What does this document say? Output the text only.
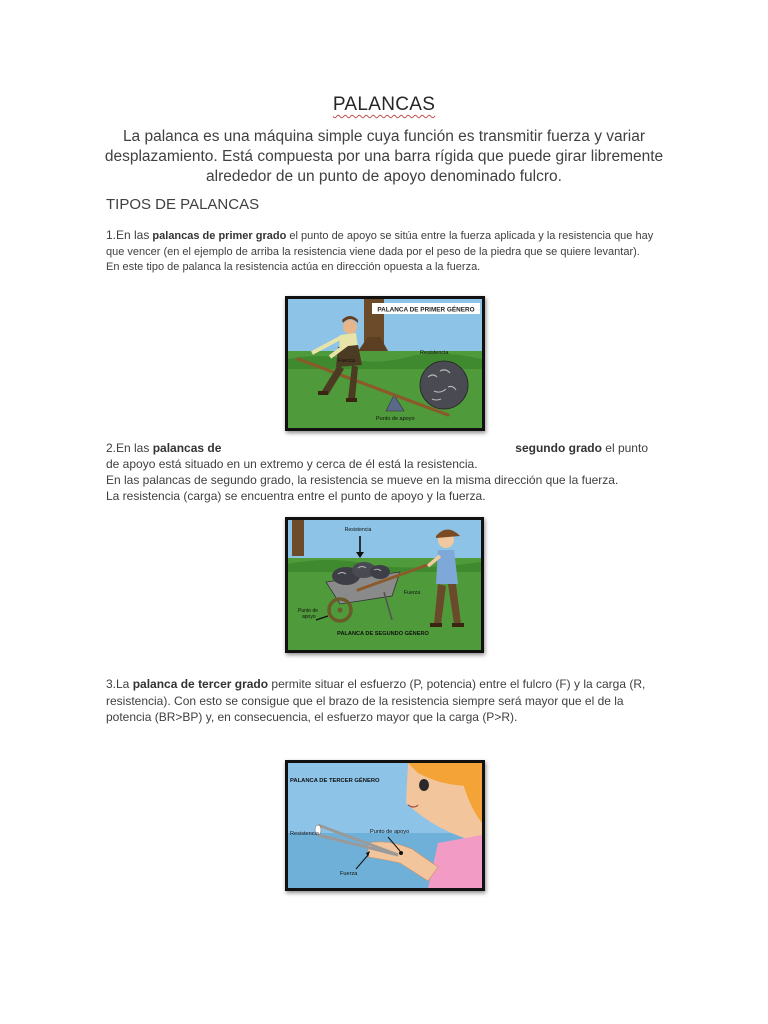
PALANCAS
La palanca es una máquina simple cuya función es transmitir fuerza y variar desplazamiento. Está compuesta por una barra rígida que puede girar libremente alrededor de un punto de apoyo denominado fulcro.
TIPOS DE PALANCAS
1.En las palancas de primer grado el punto de apoyo se sitúa entre la fuerza aplicada y la resistencia que hay que vencer (en el ejemplo de arriba la resistencia viene dada por el peso de la piedra que se quiere levantar).
En este tipo de palanca la resistencia actúa en dirección opuesta a la fuerza.
PALANCA DE PRIMER GÉNERO
Fuerza
Resistencia
Punto de apoyo
2.En las palancas de	segundo grado el punto
de apoyo está situado en un extremo y cerca de él está la resistencia.
En las palancas de segundo grado, la resistencia se mueve en la misma dirección que la fuerza.
La resistencia (carga) se encuentra entre el punto de apoyo y la fuerza.
Resistencia
Fuerza
Punto de
apoyo
PALANCA DE SEGUNDO GÉNERO
3.La palanca de tercer grado permite situar el esfuerzo (P, potencia) entre el fulcro (F) y la carga (R, resistencia). Con esto se consigue que el brazo de la resistencia siempre será mayor que el de la potencia (BR>BP) y, en consecuencia, el esfuerzo mayor que la carga (P>R).
PALANCA DE TERCER GÉNERO
Resistencia	Punto de apoyo
Fuerza
